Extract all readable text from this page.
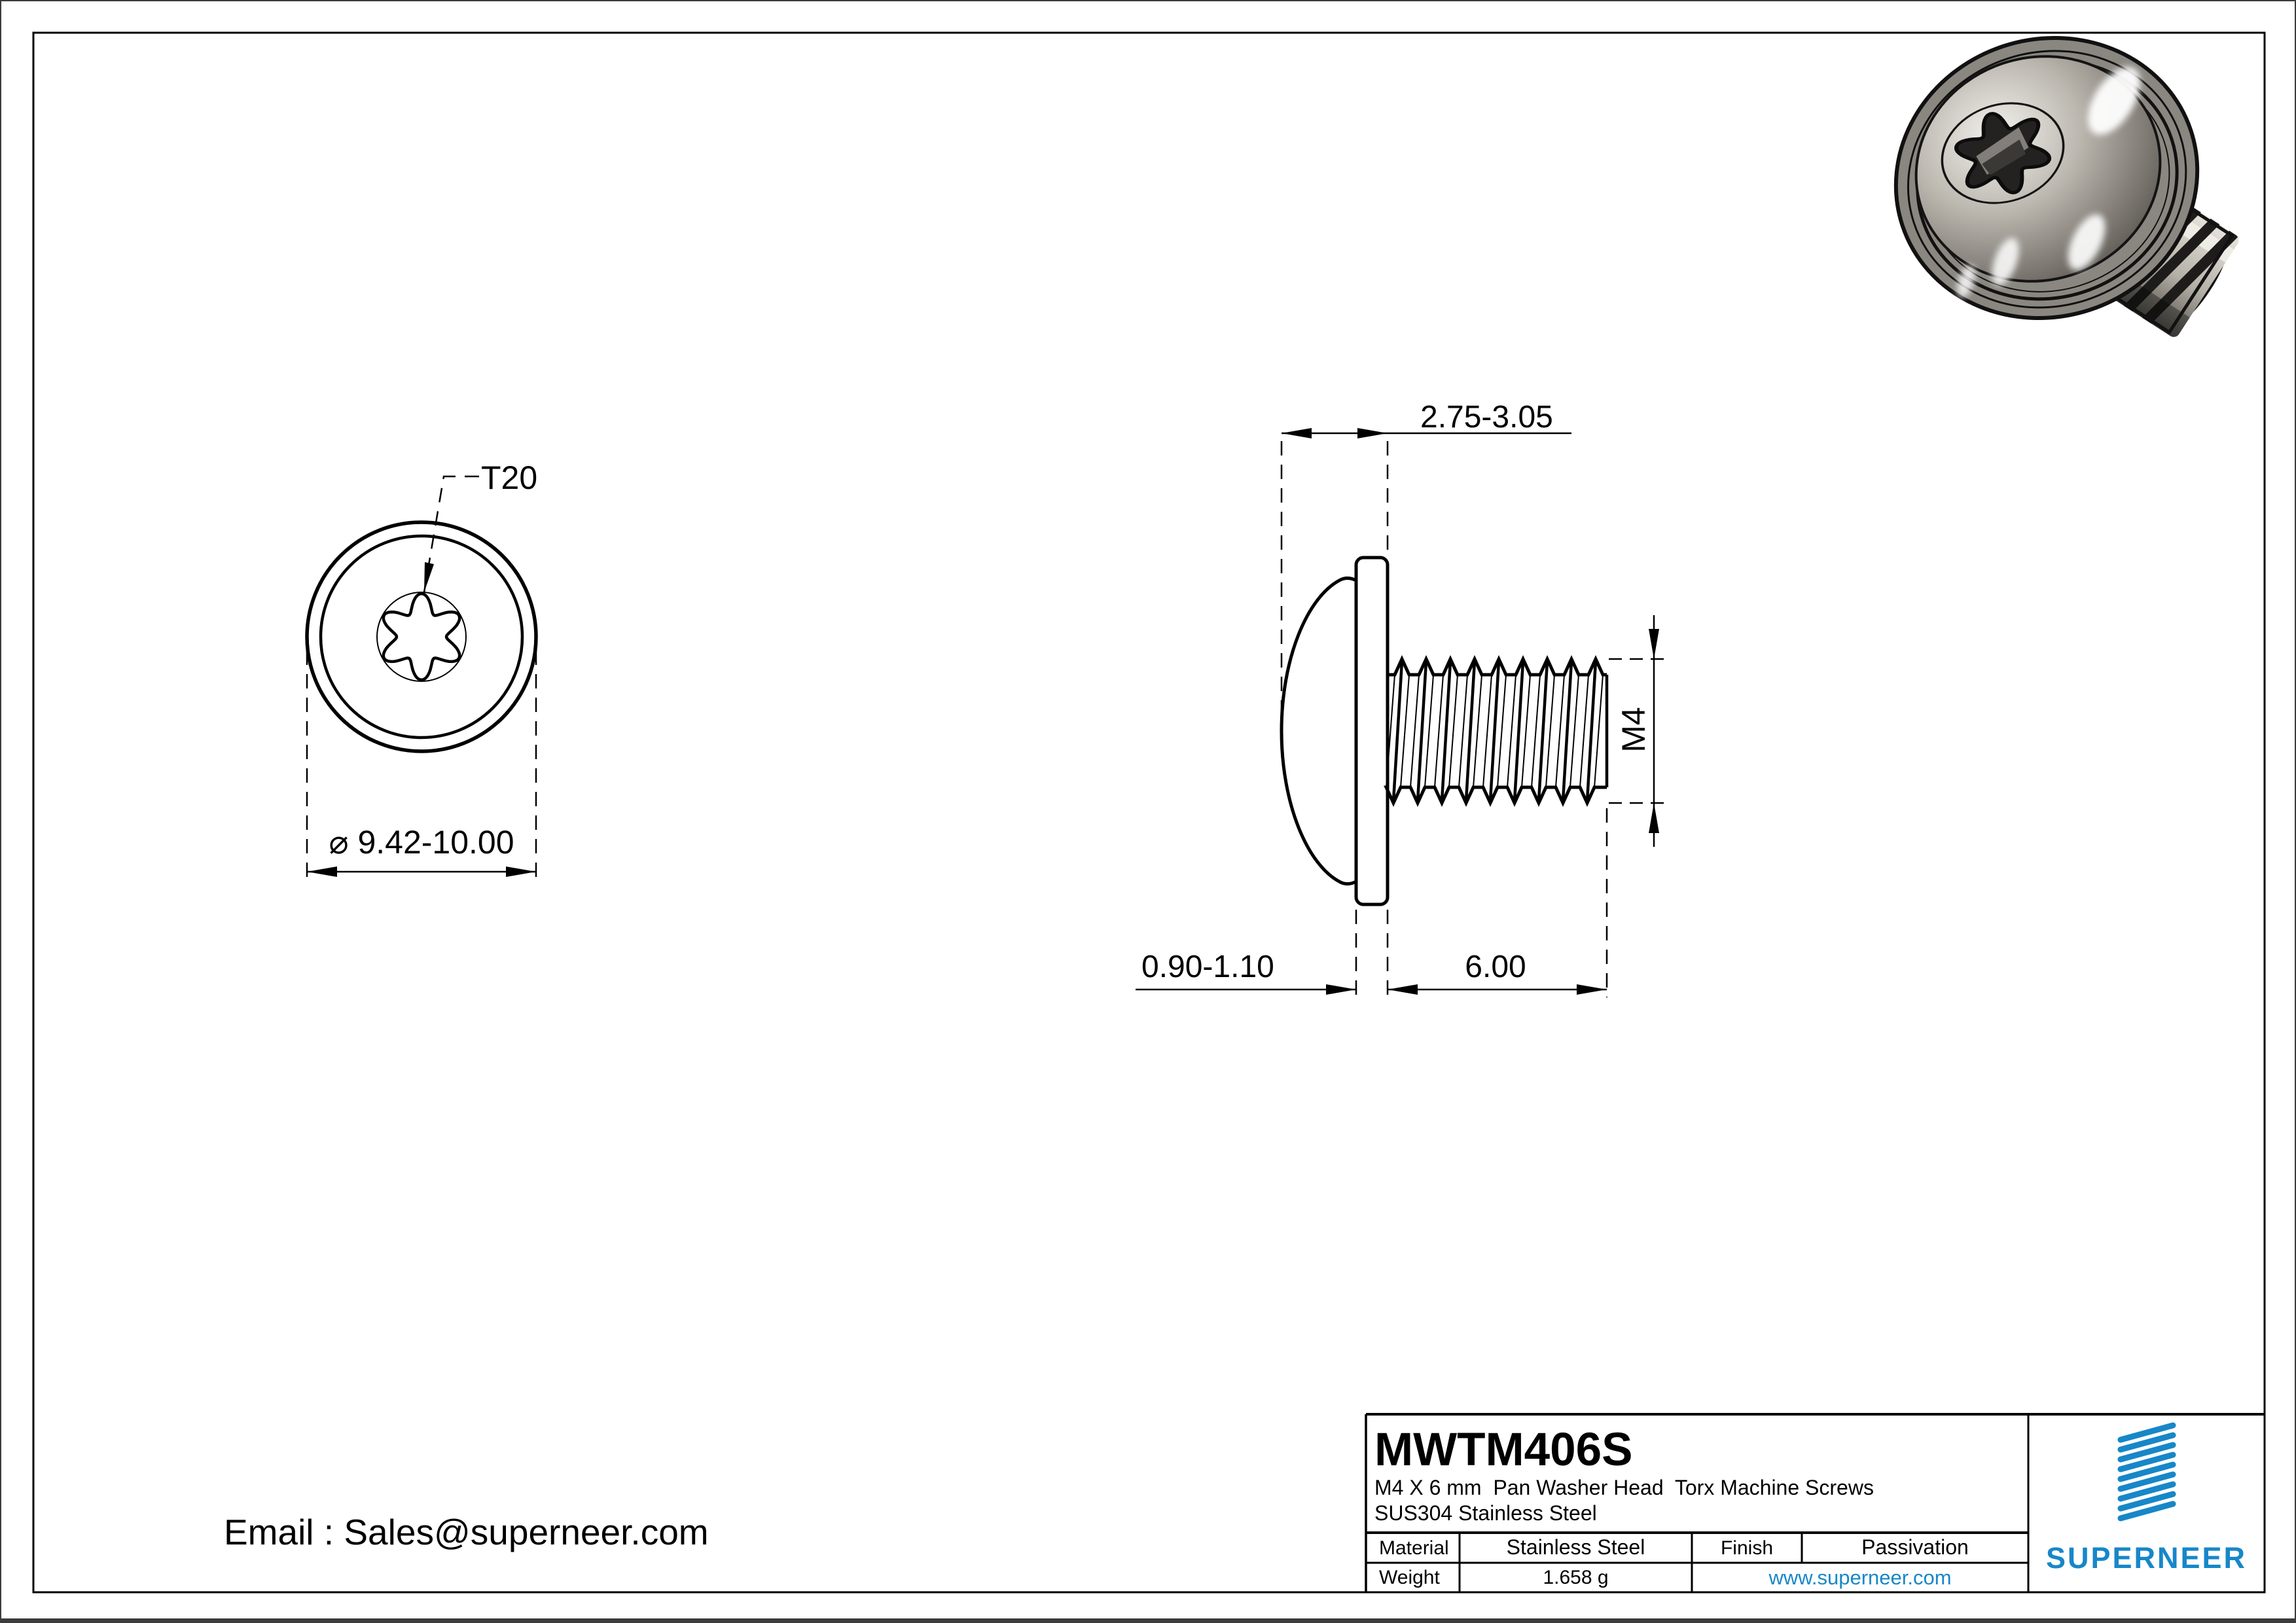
T20
⌀ 9.42-10.00
2.75-3.05
M4
0.90-1.10	6.00
Email : Sales@superneer.com
MWTM406S
M4 X 6 mm  Pan Washer Head  Torx Machine Screws
SUS304 Stainless Steel
Material	Stainless Steel	Finish	Passivation
Weight	1.658 g	www.superneer.com
SUPERNEER
